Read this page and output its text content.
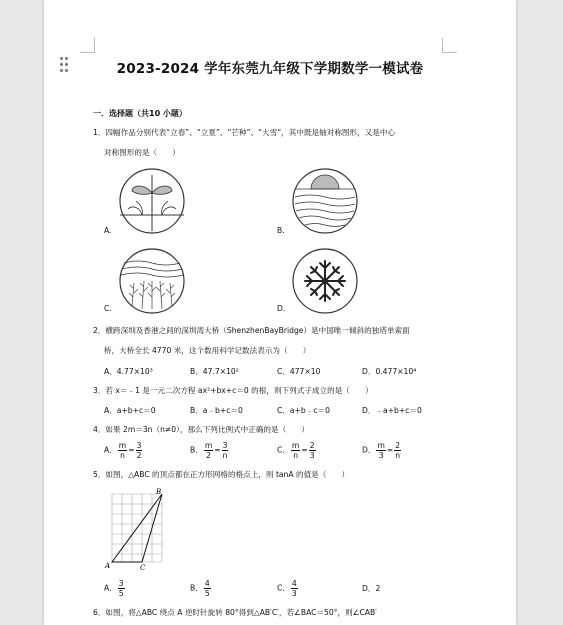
2023-2024 学年东莞九年级下学期数学一模试卷
一．选择题（共10 小题）
1．四幅作品分别代表“立春”、“立夏”、“芒种”、“大雪”，其中既是轴对称图形，又是中心
对称图形的是（　　）
A.	B.
C.	D.
2．横跨深圳及香港之间的深圳湾大桥（ShenzhenBayBridge）是中国唯一倾斜的独塔单索面
桥，大桥全长 4770 米，这个数用科学记数法表示为（　　）
A．4.77×10³	B．47.7×10²	C．477×10	D．0.477×10⁴
3．若 x＝﹣1 是一元二次方程 ax²+bx+c＝0 的根，则下列式子成立的是（　　）
A．a+b+c＝0	B．a﹣b+c＝0	C．a+b﹣c＝0	D．﹣a+b+c＝0
4．如果 2m＝3n（n≠0），那么下列比例式中正确的是（　　）
A． $\frac{m}{n} = \frac{3}{2}$	B． $\frac{m}{2} = \frac{3}{n}$	C． $\frac{m}{n} = \frac{2}{3}$	D． $\frac{m}{3} = \frac{2}{n}$
5．如图，△ABC 的顶点都在正方形网格的格点上，则 tanA 的值是（　　）
A
B
C
A． $\frac{3}{5}$	B． $\frac{4}{5}$	C． $\frac{4}{3}$	D．2
6．如图，将△ABC 绕点 A 逆时针旋转 80°得到△AB′C′，若∠BAC＝50°，则∠CAB′
